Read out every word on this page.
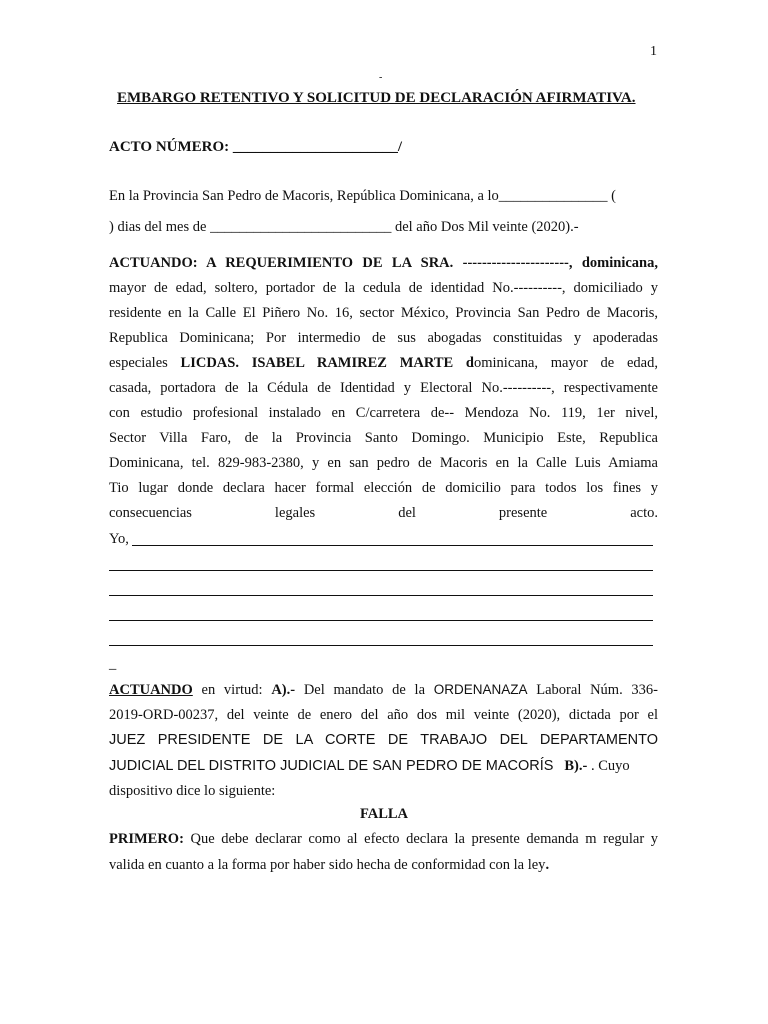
1
-
EMBARGO RETENTIVO Y SOLICITUD DE DECLARACIÓN AFIRMATIVA.
ACTO NÚMERO: ______________________/
En la Provincia San Pedro de Macoris, República Dominicana, a lo_______________ (
) dias del mes de _________________________ del año Dos Mil veinte (2020).-
ACTUANDO: A REQUERIMIENTO DE LA SRA. ----------------------, dominicana,
mayor de edad, soltero, portador de la cedula de identidad No.----------, domiciliado y
residente en la Calle El Piñero No. 16, sector México, Provincia San Pedro de Macoris,
Republica Dominicana; Por intermedio de sus abogadas constituidas y apoderadas
especiales LICDAS. ISABEL RAMIREZ MARTE dominicana, mayor de edad,
casada, portadora de la Cédula de Identidad y Electoral No.----------, respectivamente
con estudio profesional instalado en C/carretera de-- Mendoza No. 119, 1er nivel,
Sector Villa Faro, de la Provincia Santo Domingo. Municipio Este, Republica
Dominicana, tel. 829-983-2380, y en san pedro de Macoris en la Calle Luis Amiama
Tio lugar donde declara hacer formal elección de domicilio para todos los fines y
consecuencias legales del presente acto.
Yo,
_
ACTUANDO en virtud: A).- Del mandato de la ORDENANAZA Laboral Núm. 336-
2019-ORD-00237, del veinte de enero del año dos mil veinte (2020), dictada por el
JUEZ PRESIDENTE DE LA CORTE DE TRABAJO DEL DEPARTAMENTO
JUDICIAL DEL DISTRITO JUDICIAL DE SAN PEDRO DE MACORÍS B).- . Cuyo
dispositivo dice lo siguiente:
FALLA
PRIMERO: Que debe declarar como al efecto declara la presente demanda m regular y
valida en cuanto a la forma por haber sido hecha de conformidad con la ley.
